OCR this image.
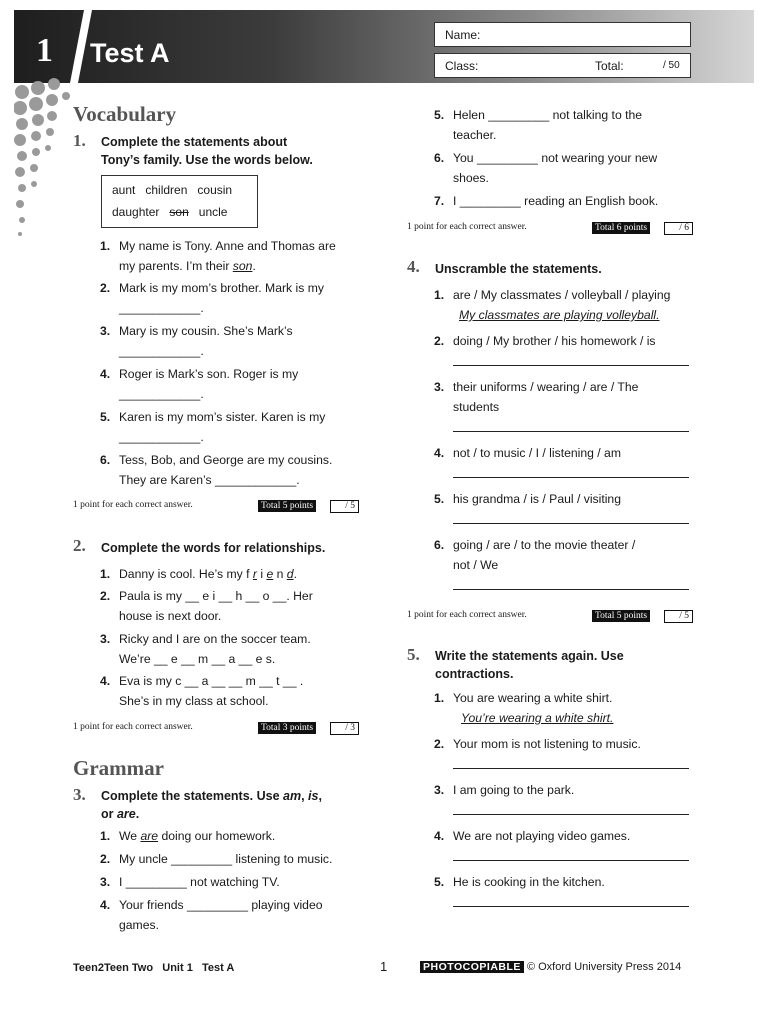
1 Test A
Name:
Class:	Total:	/ 50
Vocabulary
1. Complete the statements about
Tony’s family. Use the words below.
aunt children cousin
daughter son uncle
1. My name is Tony. Anne and Thomas are
my parents. I’m their son.
2. Mark is my mom’s brother. Mark is my
____________.
3. Mary is my cousin. She’s Mark’s
____________.
4. Roger is Mark’s son. Roger is my
____________.
5. Karen is my mom’s sister. Karen is my
____________.
6. Tess, Bob, and George are my cousins.
They are Karen’s ____________.
1 point for each correct answer.	Total 5 points	/ 5
2. Complete the words for relationships.
1. Danny is cool. He’s my f r i e n d.
2. Paula is my __ e i __ h __ o __. Her
house is next door.
3. Ricky and I are on the soccer team.
We’re __ e __ m __ a __ e s.
4. Eva is my c __ a __ __ m __ t __ .
She’s in my class at school.
1 point for each correct answer.	Total 3 points	/ 3
Grammar
3. Complete the statements. Use am, is,
or are.
1. We are doing our homework.
2. My uncle _________ listening to music.
3. I _________ not watching TV.
4. Your friends _________ playing video
games.
5. Helen _________ not talking to the
teacher.
6. You _________ not wearing your new
shoes.
7. I _________ reading an English book.
1 point for each correct answer.	Total 6 points	/ 6
4. Unscramble the statements.
1. are / My classmates / volleyball / playing
My classmates are playing volleyball.
2. doing / My brother / his homework / is
3. their uniforms / wearing / are / The
students
4. not / to music / I / listening / am
5. his grandma / is / Paul / visiting
6. going / are / to the movie theater /
not / We
1 point for each correct answer.	Total 5 points	/ 5
5. Write the statements again. Use
contractions.
1. You are wearing a white shirt.
You’re wearing a white shirt.
2. Your mom is not listening to music.
3. I am going to the park.
4. We are not playing video games.
5. He is cooking in the kitchen.
Teen2Teen Two Unit 1 Test A	1	PHOTOCOPIABLE © Oxford University Press 2014
